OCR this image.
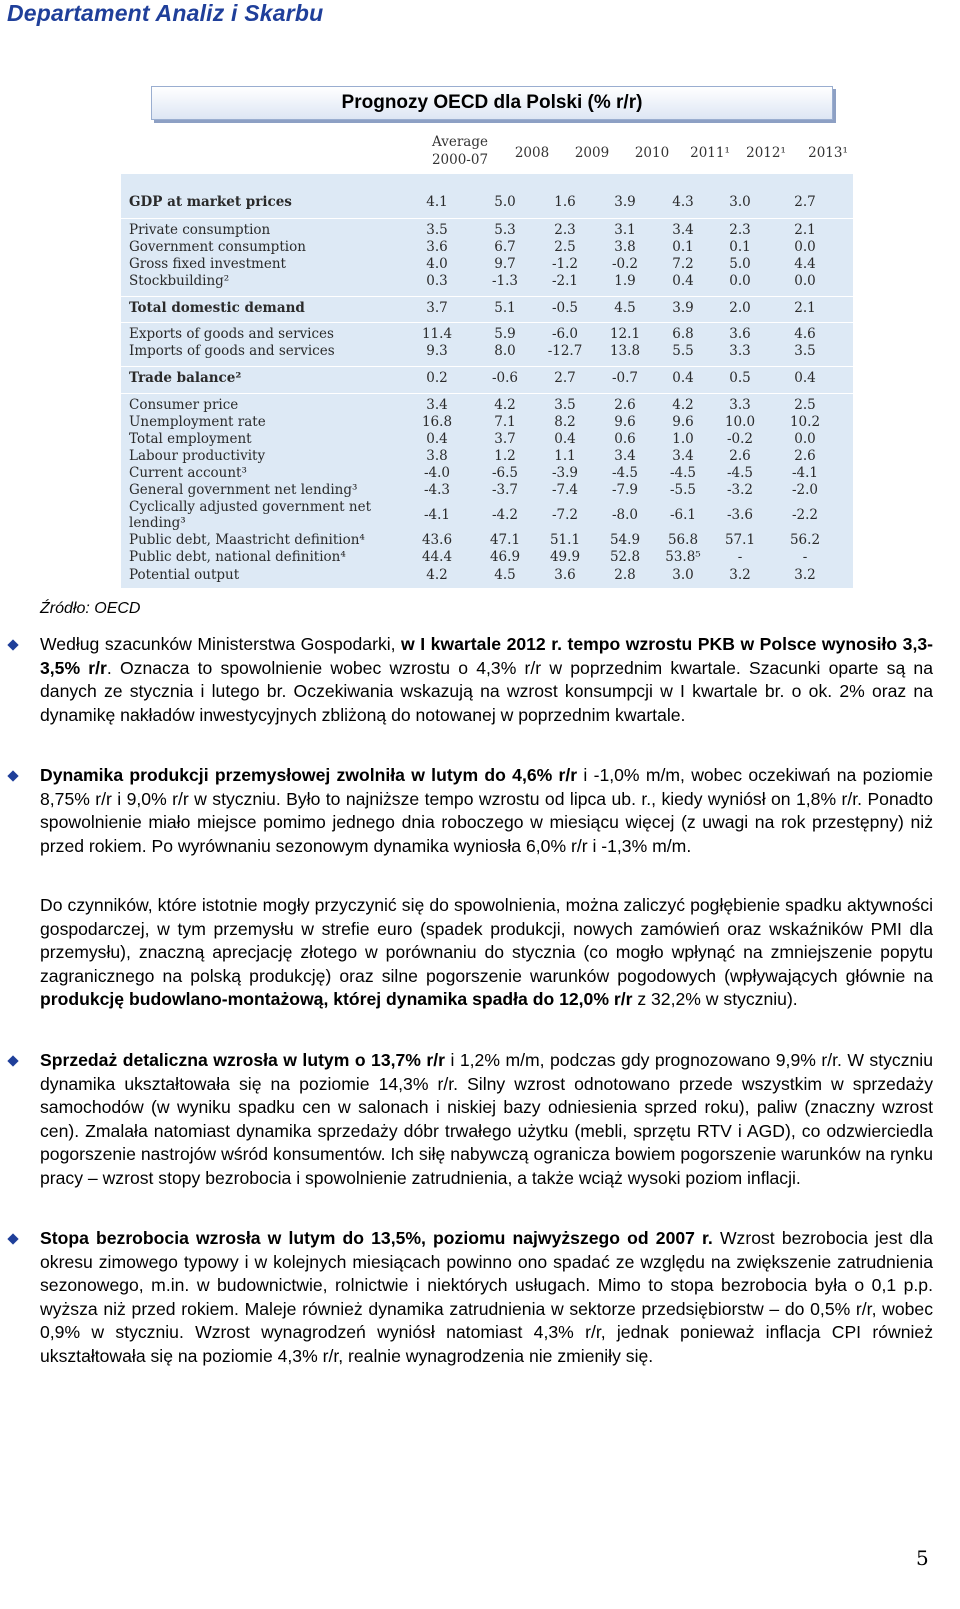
Departament Analiz i Skarbu
Prognozy OECD dla Polski (% r/r)
Average 2000-07	2008	2009	2010	2011¹	2012¹	2013¹
GDP at market prices	4.1	5.0	1.6	3.9	4.3	3.0	2.7
Private consumption	3.5	5.3	2.3	3.1	3.4	2.3	2.1
Government consumption	3.6	6.7	2.5	3.8	0.1	0.1	0.0
Gross fixed investment	4.0	9.7	-1.2	-0.2	7.2	5.0	4.4
Stockbuilding²	0.3	-1.3	-2.1	1.9	0.4	0.0	0.0
Total domestic demand	3.7	5.1	-0.5	4.5	3.9	2.0	2.1
Exports of goods and services	11.4	5.9	-6.0	12.1	6.8	3.6	4.6
Imports of goods and services	9.3	8.0	-12.7	13.8	5.5	3.3	3.5
Trade balance²	0.2	-0.6	2.7	-0.7	0.4	0.5	0.4
Consumer price	3.4	4.2	3.5	2.6	4.2	3.3	2.5
Unemployment rate	16.8	7.1	8.2	9.6	9.6	10.0	10.2
Total employment	0.4	3.7	0.4	0.6	1.0	-0.2	0.0
Labour productivity	3.8	1.2	1.1	3.4	3.4	2.6	2.6
Current account³	-4.0	-6.5	-3.9	-4.5	-4.5	-4.5	-4.1
General government net lending³	-4.3	-3.7	-7.4	-7.9	-5.5	-3.2	-2.0
Cyclically adjusted government net lending³	-4.1	-4.2	-7.2	-8.0	-6.1	-3.6	-2.2
Public debt, Maastricht definition⁴	43.6	47.1	51.1	54.9	56.8	57.1	56.2
Public debt, national definition⁴	44.4	46.9	49.9	52.8	53.8⁵	-	-
Potential output	4.2	4.5	3.6	2.8	3.0	3.2	3.2
Źródło: OECD
Według szacunków Ministerstwa Gospodarki, w I kwartale 2012 r. tempo wzrostu PKB w Polsce wynosiło 3,3-3,5% r/r. Oznacza to spowolnienie wobec wzrostu o 4,3% r/r w poprzednim kwartale. Szacunki oparte są na danych ze stycznia i lutego br. Oczekiwania wskazują na wzrost konsumpcji w I kwartale br. o ok. 2% oraz na dynamikę nakładów inwestycyjnych zbliżoną do notowanej w poprzednim kwartale.
Dynamika produkcji przemysłowej zwolniła w lutym do 4,6% r/r i -1,0% m/m, wobec oczekiwań na poziomie 8,75% r/r i 9,0% r/r w styczniu. Było to najniższe tempo wzrostu od lipca ub. r., kiedy wyniósł on 1,8% r/r. Ponadto spowolnienie miało miejsce pomimo jednego dnia roboczego w miesiącu więcej (z uwagi na rok przestępny) niż przed rokiem. Po wyrównaniu sezonowym dynamika wyniosła 6,0% r/r i -1,3% m/m.
Do czynników, które istotnie mogły przyczynić się do spowolnienia, można zaliczyć pogłębienie spadku aktywności gospodarczej, w tym przemysłu w strefie euro (spadek produkcji, nowych zamówień oraz wskaźników PMI dla przemysłu), znaczną aprecjację złotego w porównaniu do stycznia (co mogło wpłynąć na zmniejszenie popytu zagranicznego na polską produkcję) oraz silne pogorszenie warunków pogodowych (wpływających głównie na produkcję budowlano-montażową, której dynamika spadła do 12,0% r/r z 32,2% w styczniu).
Sprzedaż detaliczna wzrosła w lutym o 13,7% r/r i 1,2% m/m, podczas gdy prognozowano 9,9% r/r. W styczniu dynamika ukształtowała się na poziomie 14,3% r/r. Silny wzrost odnotowano przede wszystkim w sprzedaży samochodów (w wyniku spadku cen w salonach i niskiej bazy odniesienia sprzed roku), paliw (znaczny wzrost cen). Zmalała natomiast dynamika sprzedaży dóbr trwałego użytku (mebli, sprzętu RTV i AGD), co odzwierciedla pogorszenie nastrojów wśród konsumentów. Ich siłę nabywczą ogranicza bowiem pogorszenie warunków na rynku pracy – wzrost stopy bezrobocia i spowolnienie zatrudnienia, a także wciąż wysoki poziom inflacji.
Stopa bezrobocia wzrosła w lutym do 13,5%, poziomu najwyższego od 2007 r. Wzrost bezrobocia jest dla okresu zimowego typowy i w kolejnych miesiącach powinno ono spadać ze względu na zwiększenie zatrudnienia sezonowego, m.in. w budownictwie, rolnictwie i niektórych usługach. Mimo to stopa bezrobocia była o 0,1 p.p. wyższa niż przed rokiem. Maleje również dynamika zatrudnienia w sektorze przedsiębiorstw – do 0,5% r/r, wobec 0,9% w styczniu. Wzrost wynagrodzeń wyniósł natomiast 4,3% r/r, jednak ponieważ inflacja CPI również ukształtowała się na poziomie 4,3% r/r, realnie wynagrodzenia nie zmieniły się.
5
